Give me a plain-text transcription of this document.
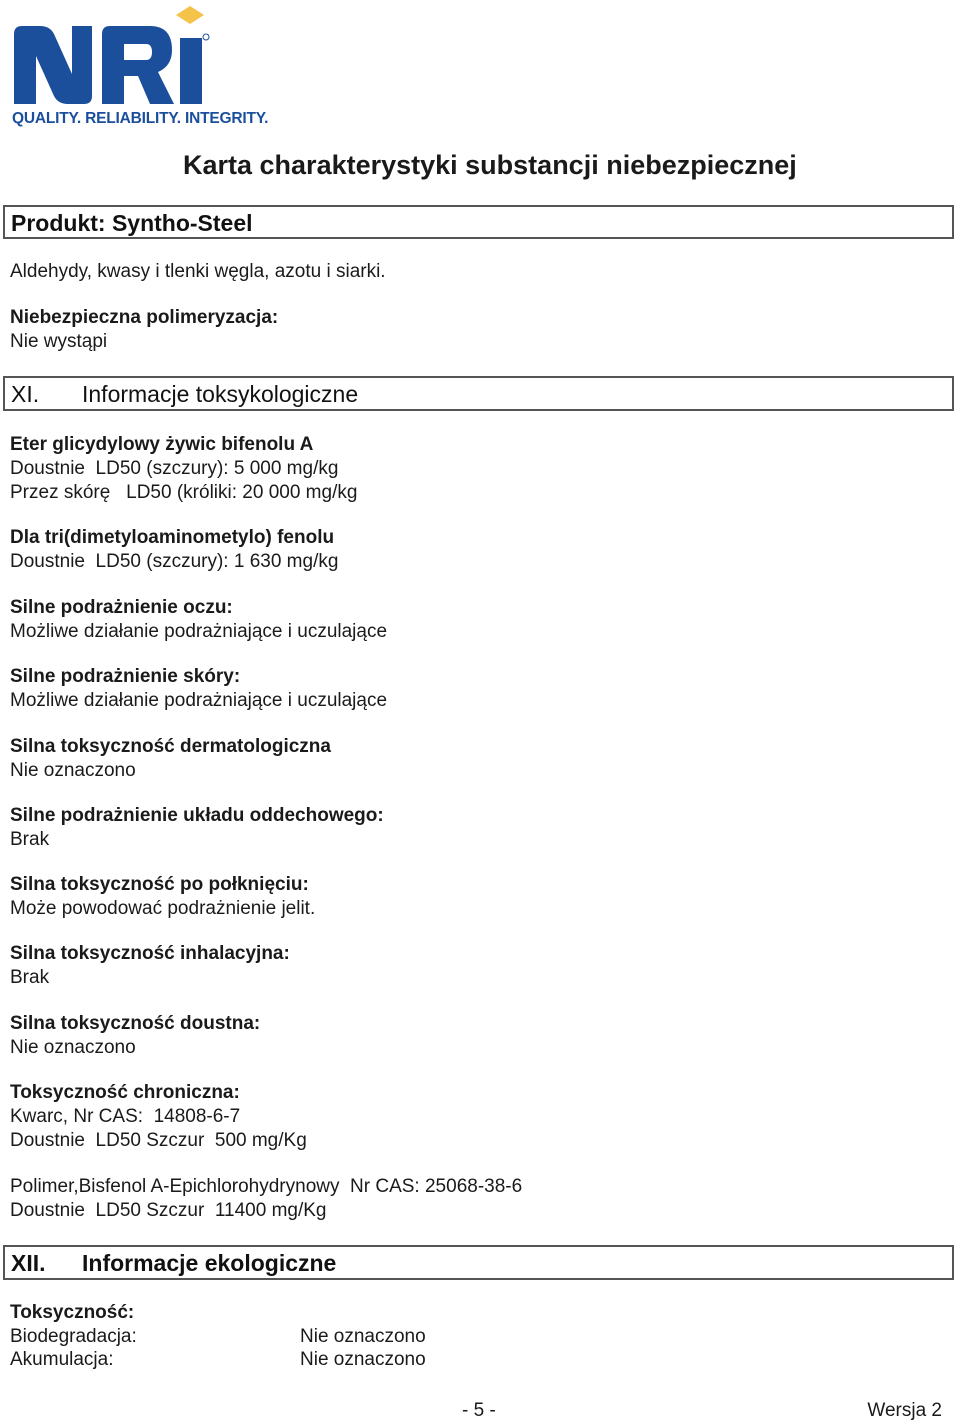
QUALITY. RELIABILITY. INTEGRITY.
Karta charakterystyki substancji niebezpiecznej
Produkt: Syntho-Steel
Aldehydy, kwasy i tlenki węgla, azotu i siarki.
Niebezpieczna polimeryzacja:
Nie wystąpi
XI. Informacje toksykologiczne
Eter glicydylowy żywic bifenolu A
Doustnie  LD50 (szczury): 5 000 mg/kg
Przez skórę   LD50 (króliki: 20 000 mg/kg
Dla tri(dimetyloaminometylo) fenolu
Doustnie  LD50 (szczury): 1 630 mg/kg
Silne podrażnienie oczu:
Możliwe działanie podrażniające i uczulające
Silne podrażnienie skóry:
Możliwe działanie podrażniające i uczulające
Silna toksyczność dermatologiczna
Nie oznaczono
Silne podrażnienie układu oddechowego:
Brak
Silna toksyczność po połknięciu:
Może powodować podrażnienie jelit.
Silna toksyczność inhalacyjna:
Brak
Silna toksyczność doustna:
Nie oznaczono
Toksyczność chroniczna:
Kwarc, Nr CAS:  14808-6-7
Doustnie  LD50 Szczur  500 mg/Kg
Polimer,Bisfenol A-Epichlorohydrynowy  Nr CAS: 25068-38-6
Doustnie  LD50 Szczur  11400 mg/Kg
XII. Informacje ekologiczne
Toksyczność:
Biodegradacja:	Nie oznaczono
Akumulacja:	Nie oznaczono
- 5 -	Wersja 2
